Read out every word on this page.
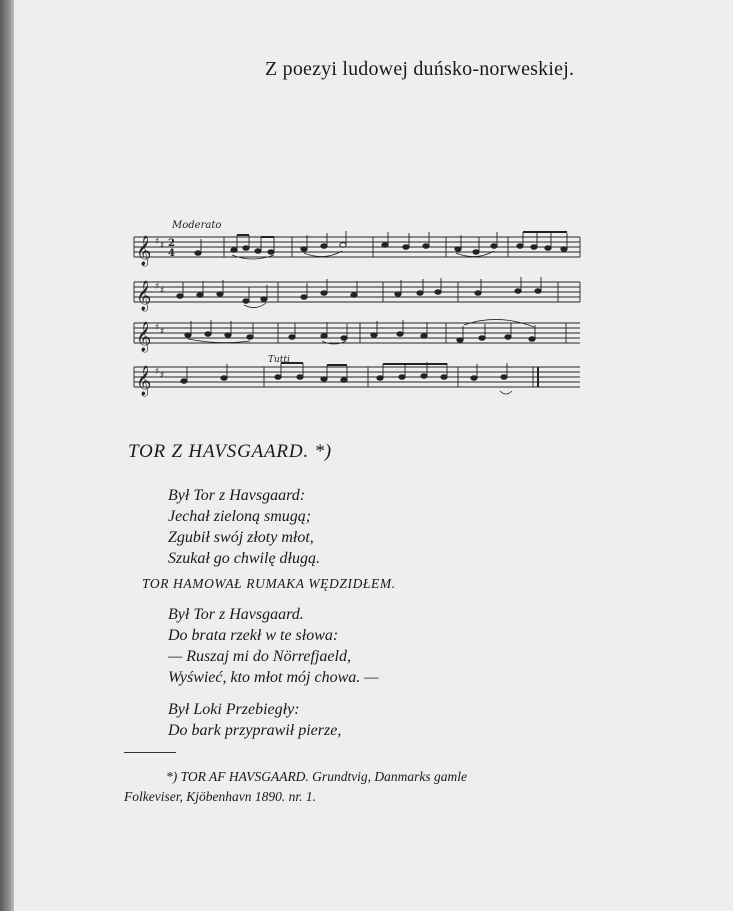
Z poezyi ludowej duńsko-norweskiej.
𝄞
𝄞
𝄞
𝄞
♯ ♯
♯ ♯
♯ ♯
♯ ♯
2
4
Moderato
Tutti
TOR Z HAVSGAARD. *)
Był Tor z Havsgaard:
Jechał zieloną smugą;
Zgubił swój złoty młot,
Szukał go chwilę długą.
TOR HAMOWAŁ RUMAKA WĘDZIDŁEM.
Był Tor z Havsgaard.
Do brata rzekł w te słowa:
— Ruszaj mi do Nörrefjaeld,
Wyświeć, kto młot mój chowa. —
Był Loki Przebiegły:
Do bark przyprawił pierze,
*) TOR AF HAVSGAARD. Grundtvig, Danmarks gamle
Folkeviser, Kjöbenhavn 1890. nr. 1.
